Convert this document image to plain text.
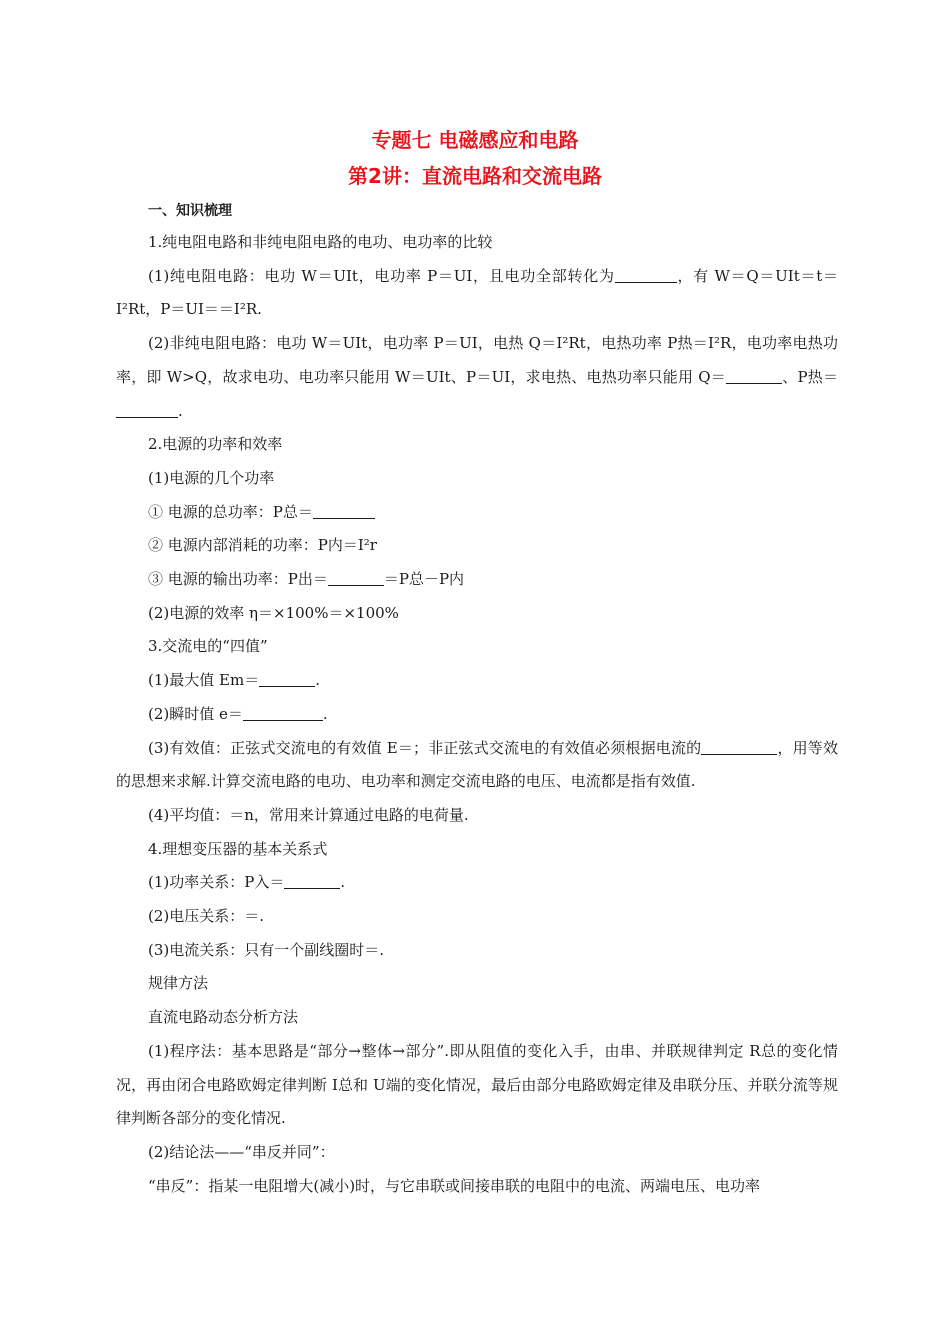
专题七 电磁感应和电路
第2讲：直流电路和交流电路
一、知识梳理

1.纯电阻电路和非纯电阻电路的电功、电功率的比较

(1)纯电阻电路：电功 W＝UIt，电功率 P＝UI，且电功全部转化为	，有 W＝Q＝UIt＝t＝I²Rt，P＝UI＝＝I²R.

(2)非纯电阻电路：电功 W＝UIt，电功率 P＝UI，电热 Q＝I²Rt，电热功率 P热＝I²R，电功率电热功率，即 W>Q，故求电功、电功率只能用 W＝UIt、P＝UI，求电热、电热功率只能用 Q＝	、P热＝.

2.电源的功率和效率

(1)电源的几个功率

① 电源的总功率：P总＝

② 电源内部消耗的功率：P内＝I²r

③ 电源的输出功率：P出＝	＝P总－P内

(2)电源的效率 η＝×100%＝×100%

3.交流电的“四值”

(1)最大值 Em＝	.

(2)瞬时值 e＝	.

(3)有效值：正弦式交流电的有效值 E＝；非正弦式交流电的有效值必须根据电流的	，用等效的思想来求解.计算交流电路的电功、电功率和测定交流电路的电压、电流都是指有效值.

(4)平均值：＝n，常用来计算通过电路的电荷量.

4.理想变压器的基本关系式

(1)功率关系：P入＝	.

(2)电压关系：＝.

(3)电流关系：只有一个副线圈时＝.

规律方法

直流电路动态分析方法

(1)程序法：基本思路是“部分→整体→部分”.即从阻值的变化入手，由串、并联规律判定 R总的变化情况，再由闭合电路欧姆定律判断 I总和 U端的变化情况，最后由部分电路欧姆定律及串联分压、并联分流等规律判断各部分的变化情况.

(2)结论法——“串反并同”：

“串反”：指某一电阻增大(减小)时，与它串联或间接串联的电阻中的电流、两端电压、电功率
